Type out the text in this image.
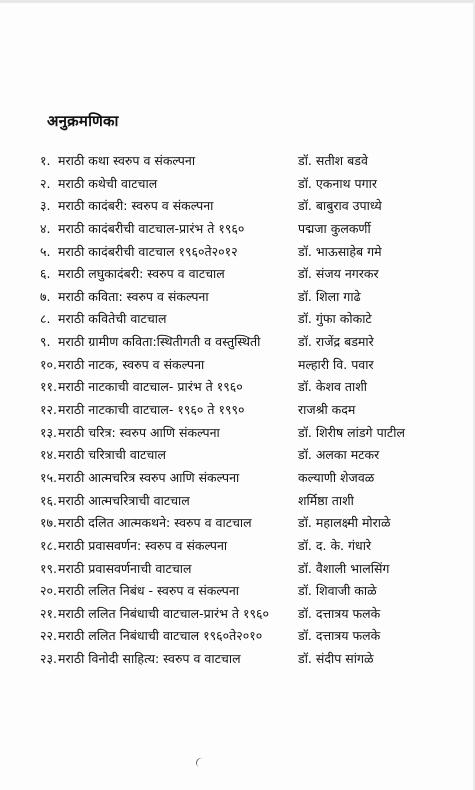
अनुक्रमणिका
१. मराठी कथा स्वरुप व संकल्पना	डॉ. सतीश बडवे
२. मराठी कथेची वाटचाल	डॉ. एकनाथ पगार
३. मराठी कादंबरी: स्वरुप व संकल्पना	डॉ. बाबुराव उपाध्ये
४. मराठी कादंबरीची वाटचाल-प्रारंभ ते १९६०	पद्मजा कुलकर्णी
५. मराठी कादंबरीची वाटचाल १९६०ते२०१२	डॉ. भाऊसाहेब गमे
६. मराठी लघुकादंबरी: स्वरुप व वाटचाल	डॉ. संजय नगरकर
७. मराठी कविता: स्वरुप व संकल्पना	डॉ. शिला गाढे
८. मराठी कवितेची वाटचाल	डॉ. गुंफा कोकाटे
९. मराठी ग्रामीण कविता:स्थितीगती व वस्तुस्थिती	डॉ. राजेंद्र बडमारे
१०. मराठी नाटक, स्वरुप व संकल्पना	मल्हारी वि. पवार
११. मराठी नाटकाची वाटचाल- प्रारंभ ते १९६०	डॉ. केशव ताशी
१२. मराठी नाटकाची वाटचाल- १९६० ते १९९०	राजश्री कदम
१३. मराठी चरित्र: स्वरुप आणि संकल्पना	डॉ. शिरीष लांडगे पाटील
१४. मराठी चरित्राची वाटचाल	डॉ. अलका मटकर
१५. मराठी आत्मचरित्र स्वरुप आणि संकल्पना	कल्याणी शेजवळ
१६. मराठी आत्मचरित्राची वाटचाल	शर्मिष्ठा ताशी
१७. मराठी दलित आत्मकथने: स्वरुप व वाटचाल	डॉ. महालक्ष्मी मोराळे
१८. मराठी प्रवासवर्णन: स्वरुप व संकल्पना	डॉ. द. के. गंधारे
१९. मराठी प्रवासवर्णनाची वाटचाल	डॉ. वैशाली भालसिंग
२०. मराठी ललित निबंध - स्वरुप व संकल्पना	डॉ. शिवाजी काळे
२१. मराठी ललित निबंधाची वाटचाल-प्रारंभ ते १९६० डॉ. दत्तात्रय फलके
२२. मराठी ललित निबंधाची वाटचाल १९६०ते२०१०	डॉ. दत्तात्रय फलके
२३. मराठी विनोदी साहित्य: स्वरुप व वाटचाल	डॉ. संदीप सांगळे
